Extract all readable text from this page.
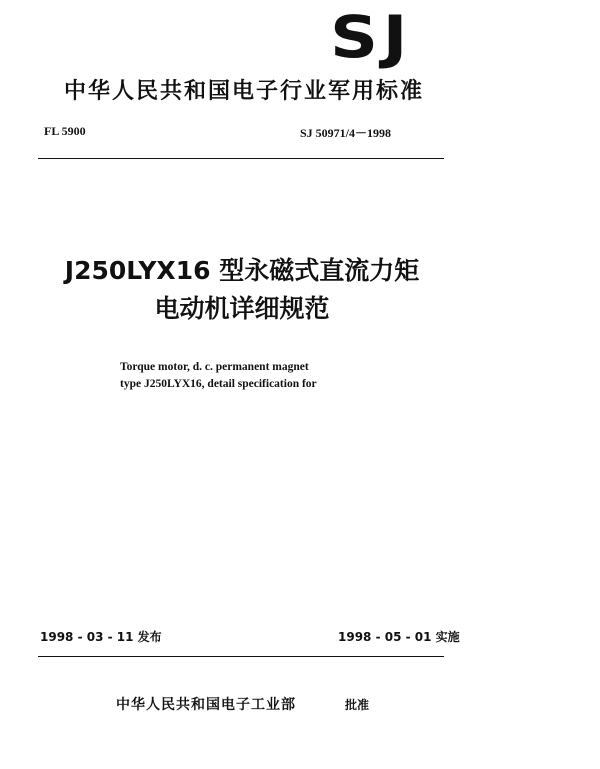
SJ
中华人民共和国电子行业军用标准
FL 5900	SJ 50971/4－1998
J250LYX16 型永磁式直流力矩
电动机详细规范
Torque motor, d. c. permanent magnet
type J250LYX16, detail specification for
1998 - 03 - 11 发布	1998 - 05 - 01 实施
中华人民共和国电子工业部	批准
